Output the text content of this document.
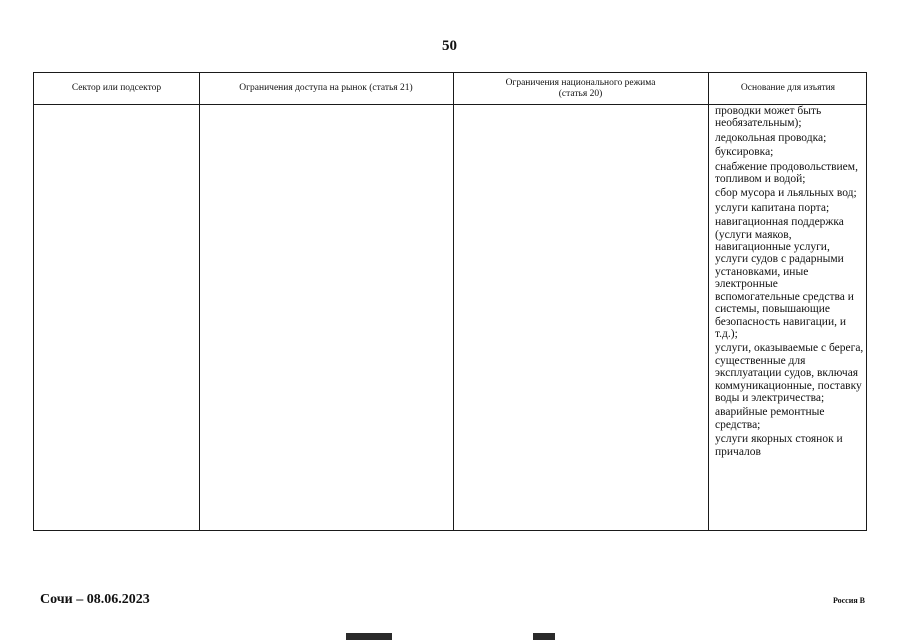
50
Сектор или подсектор	Ограничения доступа на рынок (статья 21)
Ограничения национального режима (статья 20)
Основание для изъятия
проводки может быть необязательным);
ледокольная проводка;
буксировка;
снабжение продовольствием, топливом и водой;
сбор мусора и льяльных вод;
услуги капитана порта;
навигационная поддержка (услуги маяков, навигационные услуги, услуги судов с радарными установками, иные электронные вспомогательные средства и системы, повышающие безопасность навигации, и т.д.);
услуги, оказываемые с берега, существенные для эксплуатации судов, включая коммуникационные, поставку воды и электричества;
аварийные ремонтные средства;
услуги якорных стоянок и причалов
Сочи – 08.06.2023	Россия В
